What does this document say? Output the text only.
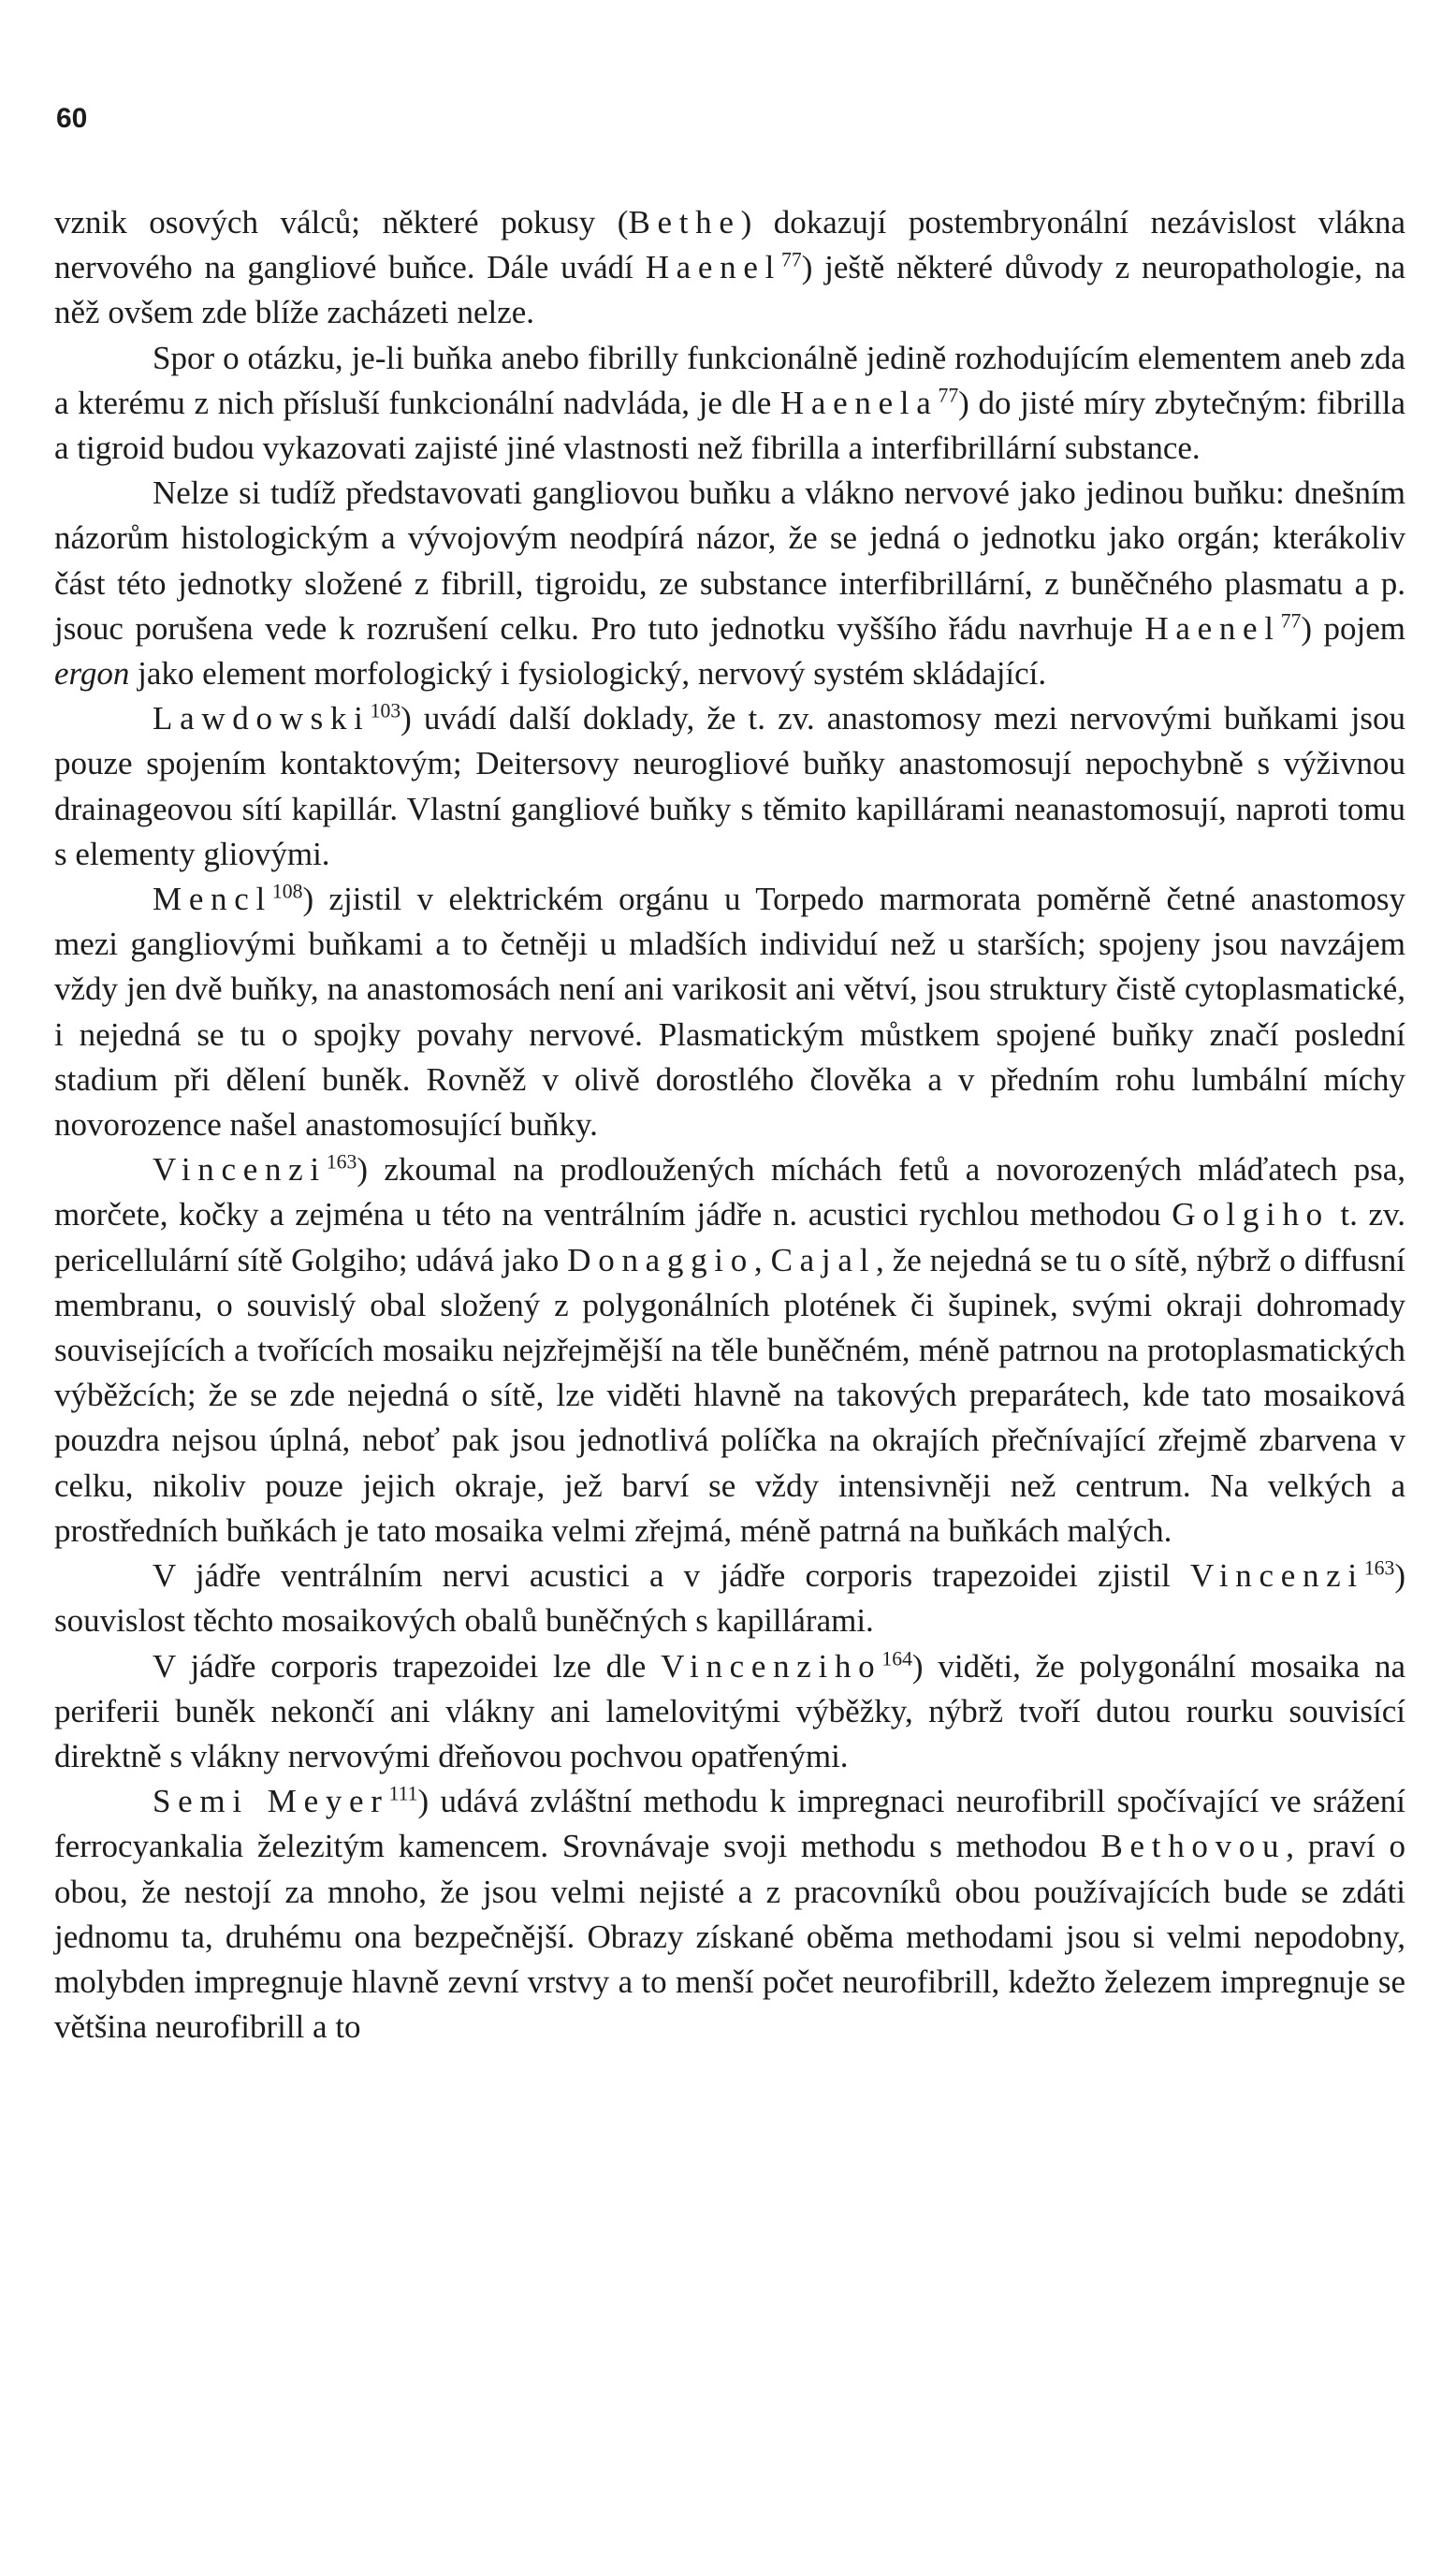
60

vznik osových válců; některé pokusy (Bethe) dokazují postembryonální nezávislost vlákna nervového na gangliové buňce. Dále uvádí Haenel$^{77}$) ještě některé důvody z neuropathologie, na něž ovšem zde blíže zacházeti nelze.

Spor o otázku, je-li buňka anebo fibrilly funkcionálně jedině rozhodujícím elementem aneb zda a kterému z nich přísluší funkcionální nadvláda, je dle Haenela$^{77}$) do jisté míry zbytečným: fibrilla a tigroid budou vykazovati zajisté jiné vlastnosti než fibrilla a interfibrillární substance.

Nelze si tudíž představovati gangliovou buňku a vlákno nervové jako jedinou buňku: dnešním názorům histologickým a vývojovým neodpírá názor, že se jedná o jednotku jako orgán; kterákoliv část této jednotky složené z fibrill, tigroidu, ze substance interfibrillární, z buněčného plasmatu a p. jsouc porušena vede k rozrušení celku. Pro tuto jednotku vyššího řádu navrhuje Haenel$^{77}$) pojem ergon jako element morfologický i fysiologický, nervový systém skládající.

Lawdowski$^{103}$) uvádí další doklady, že t. zv. anastomosy mezi nervovými buňkami jsou pouze spojením kontaktovým; Deitersovy neurogliové buňky anastomosují nepochybně s výživnou drainageovou sítí kapillár. Vlastní gangliové buňky s těmito kapillárami neanastomosují, naproti tomu s elementy gliovými.

Mencl$^{108}$) zjistil v elektrickém orgánu u Torpedo marmorata poměrně četné anastomosy mezi gangliovými buňkami a to četněji u mladších individuí než u starších; spojeny jsou navzájem vždy jen dvě buňky, na anastomosách není ani varikosit ani větví, jsou struktury čistě cytoplasmatické, i nejedná se tu o spojky povahy nervové. Plasmatickým můstkem spojené buňky značí poslední stadium při dělení buněk. Rovněž v olivě dorostlého člověka a v předním rohu lumbální míchy novorozence našel anastomosující buňky.

Vincenzi$^{163}$) zkoumal na prodloužených míchách fetů a novorozených mláďatech psa, morčete, kočky a zejména u této na ventrálním jádře n. acustici rychlou methodou Golgiho t. zv. pericellulární sítě Golgiho; udává jako Donaggio, Cajal, že nejedná se tu o sítě, nýbrž o diffusní membranu, o souvislý obal složený z polygonálních plotének či šupinek, svými okraji dohromady souvisejících a tvořících mosaiku nejzřejmější na těle buněčném, méně patrnou na protoplasmatických výběžcích; že se zde nejedná o sítě, lze viděti hlavně na takových preparátech, kde tato mosaiková pouzdra nejsou úplná, neboť pak jsou jednotlivá políčka na okrajích přečnívající zřejmě zbarvena v celku, nikoliv pouze jejich okraje, jež barví se vždy intensivněji než centrum. Na velkých a prostředních buňkách je tato mosaika velmi zřejmá, méně patrná na buňkách malých.

V jádře ventrálním nervi acustici a v jádře corporis trapezoidei zjistil Vincenzi$^{163}$) souvislost těchto mosaikových obalů buněčných s kapillárami.

V jádře corporis trapezoidei lze dle Vincenziho$^{164}$) viděti, že polygonální mosaika na periferii buněk nekončí ani vlákny ani lamelovitými výběžky, nýbrž tvoří dutou rourku souvisící direktně s vlákny nervovými dřeňovou pochvou opatřenými.

Semi Meyer$^{111}$) udává zvláštní methodu k impregnaci neurofibrill spočívající ve srážení ferrocyankalia železitým kamencem. Srovnávaje svoji methodu s methodou Bethovou, praví o obou, že nestojí za mnoho, že jsou velmi nejisté a z pracovníků obou používajících bude se zdáti jednomu ta, druhému ona bezpečnější. Obrazy získané oběma methodami jsou si velmi nepodobny, molybden impregnuje hlavně zevní vrstvy a to menší počet neurofibrill, kdežto železem impregnuje se většina neurofibrill a to
